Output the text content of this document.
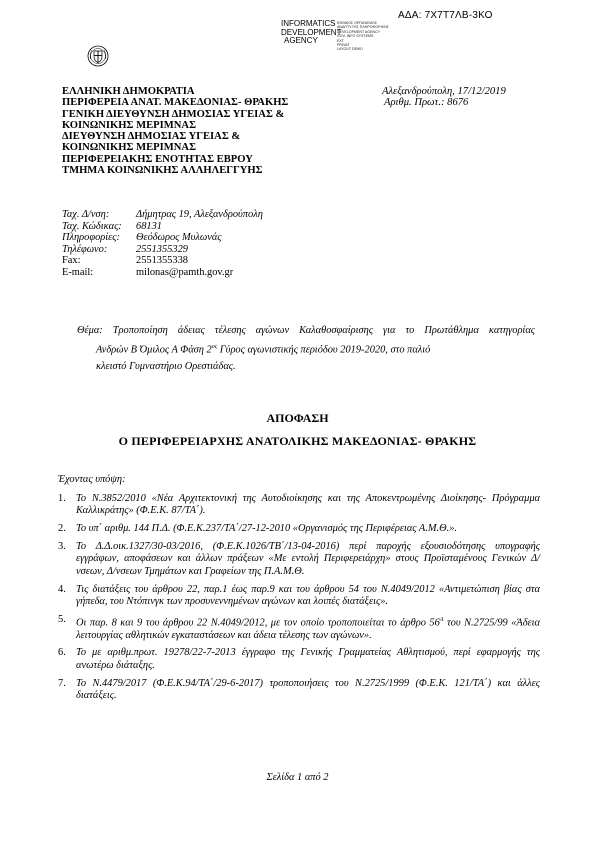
ΑΔΑ: 7Χ7Τ7ΛΒ-3ΚΟ
INFORMATICS
DEVELOPMENT
AGENCY
ΕΘΝΙΚΟΣ ΟΡΓΑΝΙΣΜΟΣ
ΑΝΑΠΤΥΞΗΣ ΠΛΗΡΟΦΟΡΙΚΗΣ
DEVELOPMENT AGENCY
GOV. INFO SYSTEMS
EXT
PRIVAT
LAYOUT DEMO
ΕΛΛΗΝΙΚΗ ΔΗΜΟΚΡΑΤΙΑ
ΠΕΡΙΦΕΡΕΙΑ ΑΝΑΤ. ΜΑΚΕΔΟΝΙΑΣ- ΘΡΑΚΗΣ
ΓΕΝΙΚΗ ΔΙΕΥΘΥΝΣΗ ΔΗΜΟΣΙΑΣ ΥΓΕΙΑΣ &
ΚΟΙΝΩΝΙΚΗΣ ΜΕΡΙΜΝΑΣ
ΔΙΕΥΘΥΝΣΗ ΔΗΜΟΣΙΑΣ ΥΓΕΙΑΣ &
ΚΟΙΝΩΝΙΚΗΣ ΜΕΡΙΜΝΑΣ
ΠΕΡΙΦΕΡΕΙΑΚΗΣ ΕΝΟΤΗΤΑΣ ΕΒΡΟΥ
ΤΜΗΜΑ ΚΟΙΝΩΝΙΚΗΣ ΑΛΛΗΛΕΓΓΥΗΣ
Αλεξανδρούπολη, 17/12/2019
Αριθμ. Πρωτ.: 8676
Ταχ. Δ/νση:	Δήμητρας 19, Αλεξανδρούπολη
Ταχ. Κώδικας:	68131
Πληροφορίες:	Θεόδωρος Μυλωνάς
Τηλέφωνο:	2551355329
Fax:	2551355338
E-mail:	milonas@pamth.gov.gr
Θέμα: Τροποποίηση άδειας τέλεσης αγώνων Καλαθοσφαίρισης για το Πρωτάθλημα κατηγορίας
Ανδρών Β Όμιλος Α Φάση $2^{o\varsigma}$ Γύρος αγωνιστικής περιόδου 2019-2020, στο παλιό
κλειστό Γυμναστήριο Ορεστιάδας.
ΑΠΟΦΑΣΗ
Ο ΠΕΡΙΦΕΡΕΙΑΡΧΗΣ ΑΝΑΤΟΛΙΚΗΣ ΜΑΚΕΔΟΝΙΑΣ- ΘΡΑΚΗΣ
Έχοντας υπόψη:
1. Το Ν.3852/2010 «Νέα Αρχιτεκτονική της Αυτοδιοίκησης και της Αποκεντρωμένης Διοίκησης- Πρόγραμμα Καλλικράτης» (Φ.Ε.Κ. 87/ΤΑ΄).
2. Το υπ΄ αριθμ. 144 Π.Δ. (Φ.Ε.Κ.237/ΤΑ΄/27-12-2010 «Οργανισμός της Περιφέρειας Α.Μ.Θ.».
3. Το Δ.Δ.οικ.1327/30-03/2016, (Φ.Ε.Κ.1026/ΤΒ΄/13-04-2016) περί παροχής εξουσιοδότησης υπογραφής εγγράφων, αποφάσεων και άλλων πράξεων «Με εντολή Περιφερειάρχη» στους Προϊσταμένους Γενικών Δ/νσεων, Δ/νσεων Τμημάτων και Γραφείων της Π.Α.Μ.Θ.
4. Τις διατάξεις του άρθρου 22, παρ.1 έως παρ.9 και του άρθρου 54 του Ν.4049/2012 «Αντιμετώπιση βίας στα γήπεδα, του Ντόπινγκ των προσυνεννημένων αγώνων και λοιπές διατάξεις».
5. Οι παρ. 8 και 9 του άρθρου 22 Ν.4049/2012, με τον οποίο τροποποιείται το άρθρο $56^A$ του Ν.2725/99 «Άδεια λειτουργίας αθλητικών εγκαταστάσεων και άδεια τέλεσης των αγώνων».
6. Το με αριθμ.πρωτ. 19278/22-7-2013 έγγραφο της Γενικής Γραμματείας Αθλητισμού, περί εφαρμογής της ανωτέρω διάταξης.
7. Το Ν.4479/2017 (Φ.Ε.Κ.94/ΤΑ΄/29-6-2017) τροποποιήσεις του Ν.2725/1999 (Φ.Ε.Κ. 121/ΤΑ΄) και άλλες διατάξεις.
Σελίδα 1 από 2
